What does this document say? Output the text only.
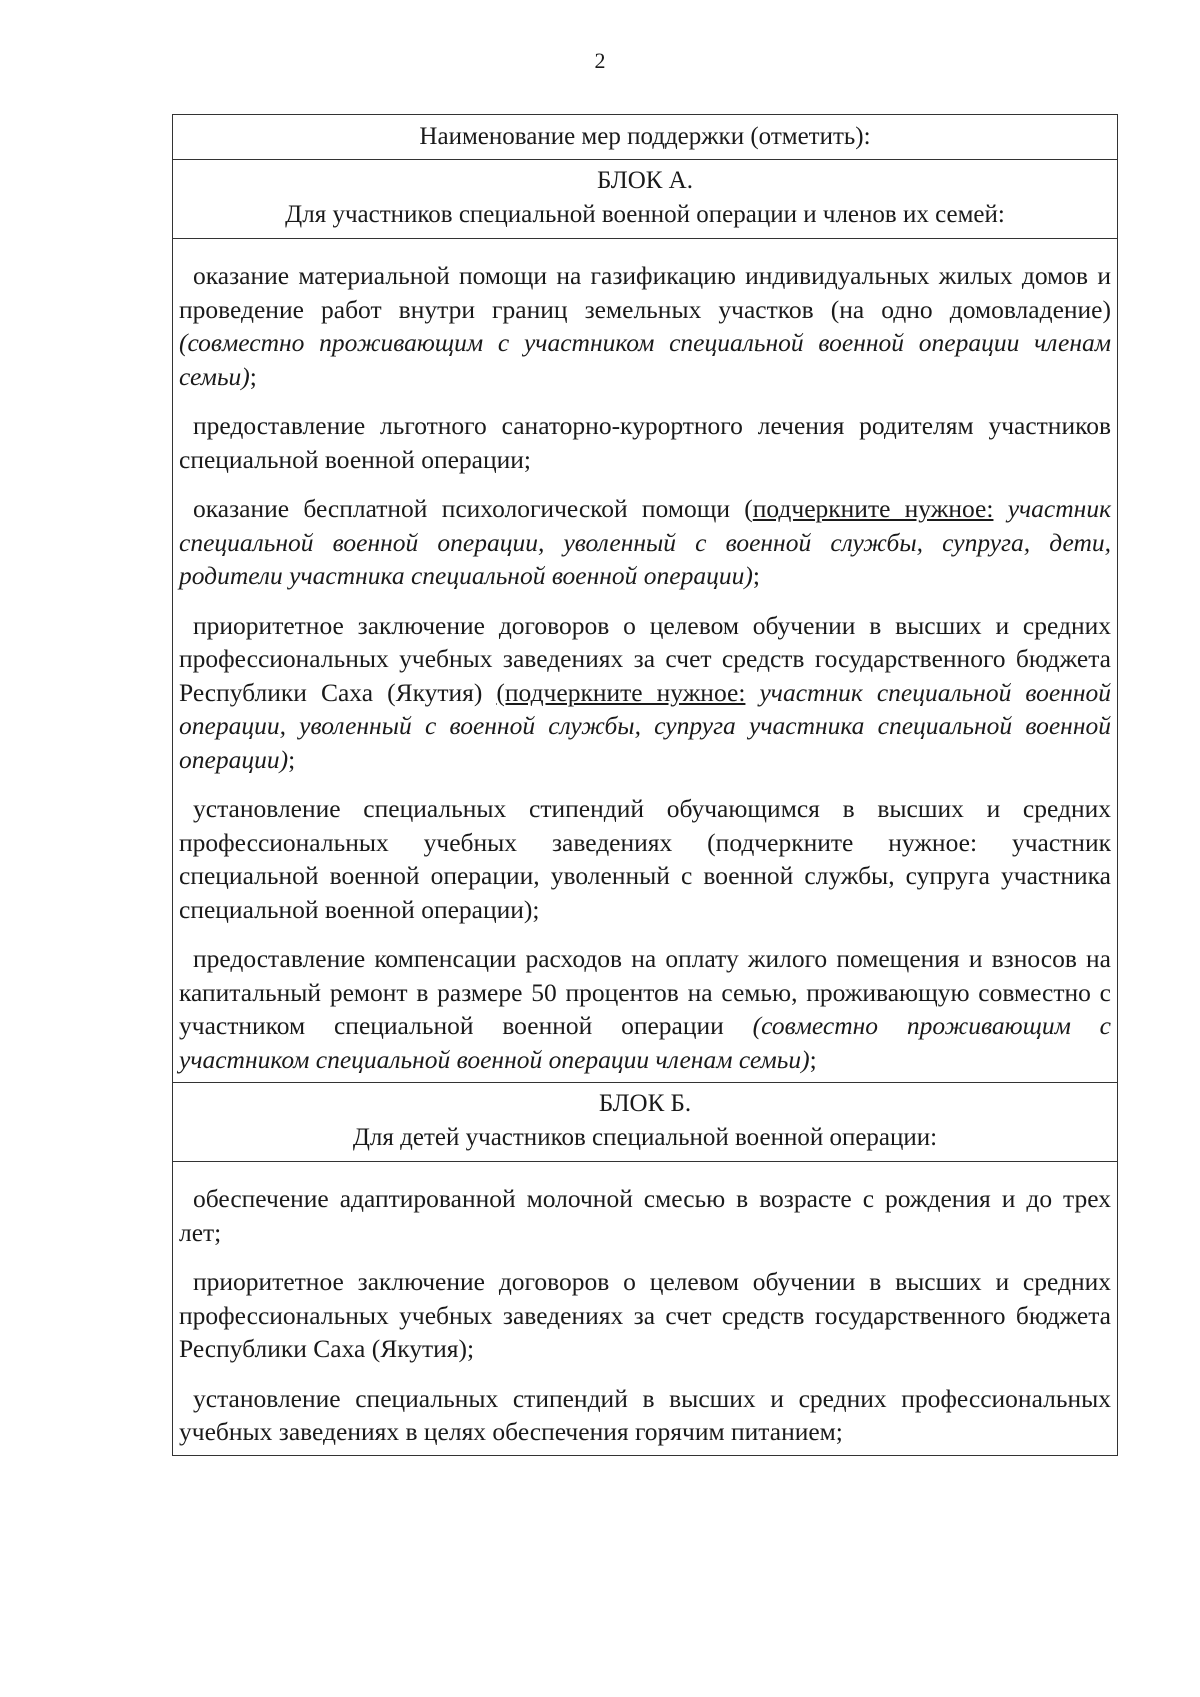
2
Наименование мер поддержки (отметить):
БЛОК А.
Для участников специальной военной операции и членов их семей:

оказание материальной помощи на газификацию индивидуальных жилых домов и проведение работ внутри границ земельных участков (на одно домовладение) (совместно проживающим с участником специальной военной операции членам семьи);

предоставление льготного санаторно-курортного лечения родителям участников специальной военной операции;

оказание бесплатной психологической помощи (подчеркните нужное: участник специальной военной операции, уволенный с военной службы, супруга, дети, родители участника специальной военной операции);

приоритетное заключение договоров о целевом обучении в высших и средних профессиональных учебных заведениях за счет средств государственного бюджета Республики Саха (Якутия) (подчеркните нужное: участник специальной военной операции, уволенный с военной службы, супруга участника специальной военной операции);

установление специальных стипендий обучающимся в высших и средних профессиональных учебных заведениях (подчеркните нужное: участник специальной военной операции, уволенный с военной службы, супруга участника специальной военной операции);

предоставление компенсации расходов на оплату жилого помещения и взносов на капитальный ремонт в размере 50 процентов на семью, проживающую совместно с участником специальной военной операции (совместно проживающим с участником специальной военной операции членам семьи);

БЛОК Б.
Для детей участников специальной военной операции:

обеспечение адаптированной молочной смесью в возрасте с рождения и до трех лет;

приоритетное заключение договоров о целевом обучении в высших и средних профессиональных учебных заведениях за счет средств государственного бюджета Республики Саха (Якутия);

установление специальных стипендий в высших и средних профессиональных учебных заведениях в целях обеспечения горячим питанием;
